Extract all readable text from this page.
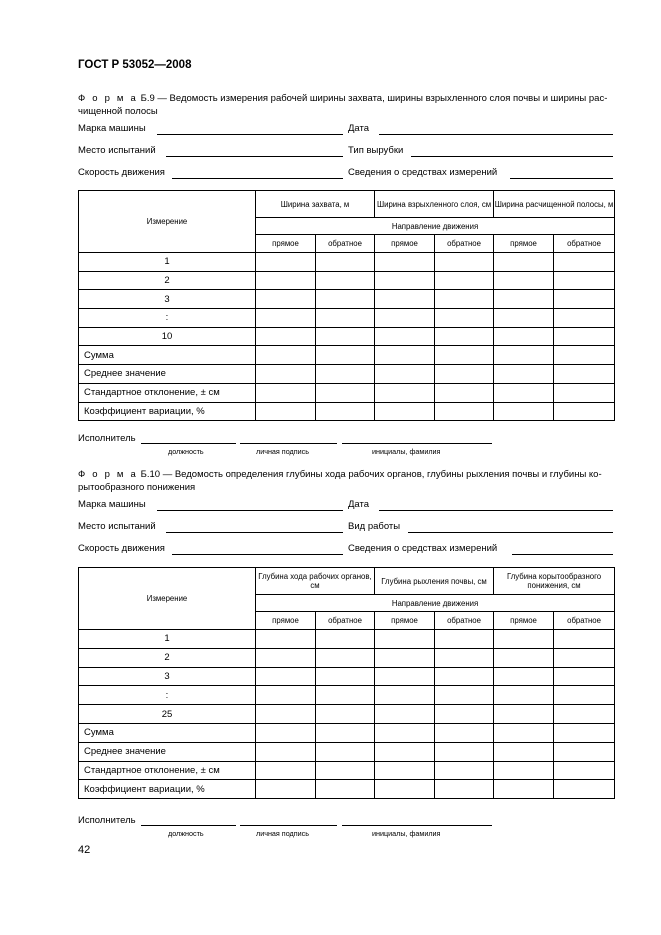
ГОСТ Р 53052—2008
Ф о р м а Б.9 — Ведомость измерения рабочей ширины захвата, ширины взрыхленного слоя почвы и ширины рас-
чищенной полосы
Марка машины	Дата
Место испытаний	Тип вырубки
Скорость движения	Сведения о средствах измерений
Измерение	Ширина захвата, м		Ширина взрыхленного слоя, см		Ширина расчищенной полосы, м	
	Направление движения					
	прямое	обратное	прямое	обратное	прямое	обратное
1						
2						
3						
:						
10						
Сумма						
Среднее значение						
Стандартное отклонение, ± см						
Коэффициент вариации, %						
Исполнитель
должность	личная подпись	инициалы, фамилия
Ф о р м а Б.10 — Ведомость определения глубины хода рабочих органов, глубины рыхления почвы и глубины ко-
рытообразного понижения
Марка машины	Дата
Место испытаний	Вид работы
Скорость движения	Сведения о средствах измерений
Измерение	Глубина хода рабочих органов, см		Глубина рыхления почвы, см		Глубина корытообразного понижения, см	
	Направление движения					
	прямое	обратное	прямое	обратное	прямое	обратное
1						
2						
3						
:						
25						
Сумма						
Среднее значение						
Стандартное отклонение, ± см						
Коэффициент вариации, %						
Исполнитель
должность	личная подпись	инициалы, фамилия
42
